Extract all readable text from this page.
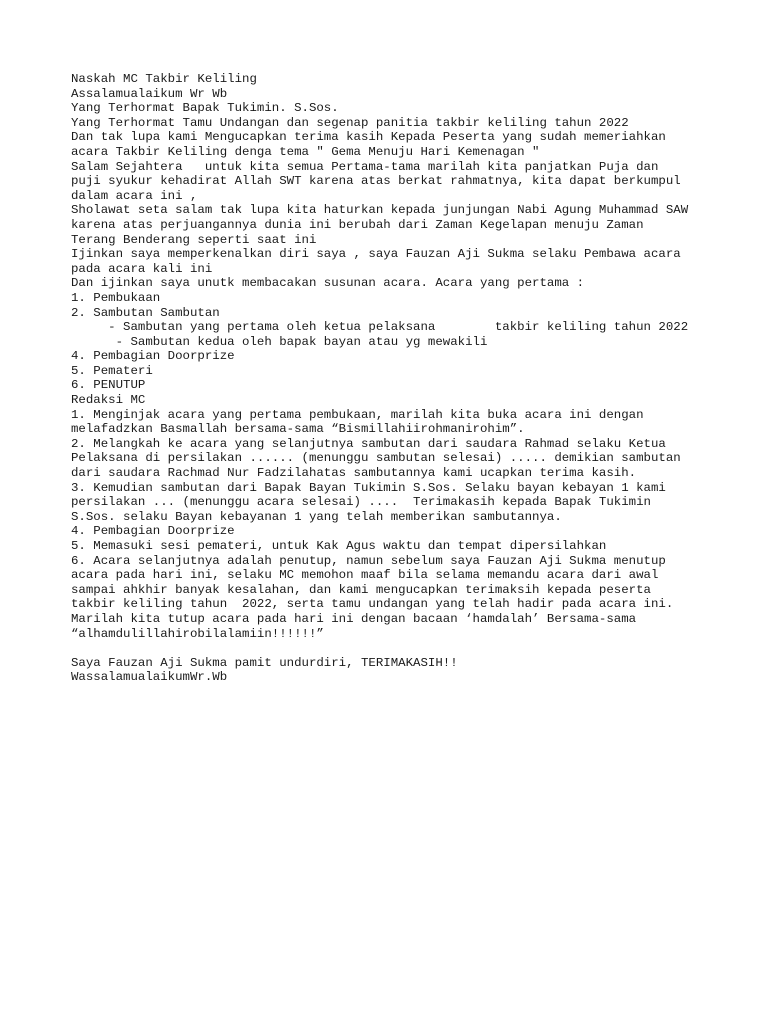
Naskah MC Takbir Keliling
Assalamualaikum Wr Wb
Yang Terhormat Bapak Tukimin. S.Sos.
Yang Terhormat Tamu Undangan dan segenap panitia takbir keliling tahun 2022
Dan tak lupa kami Mengucapkan terima kasih Kepada Peserta yang sudah memeriahkan
acara Takbir Keliling denga tema " Gema Menuju Hari Kemenagan "
Salam Sejahtera   untuk kita semua Pertama-tama marilah kita panjatkan Puja dan
puji syukur kehadirat Allah SWT karena atas berkat rahmatnya, kita dapat berkumpul
dalam acara ini ,
Sholawat seta salam tak lupa kita haturkan kepada junjungan Nabi Agung Muhammad SAW
karena atas perjuangannya dunia ini berubah dari Zaman Kegelapan menuju Zaman
Terang Benderang seperti saat ini
Ijinkan saya memperkenalkan diri saya , saya Fauzan Aji Sukma selaku Pembawa acara
pada acara kali ini
Dan ijinkan saya unutk membacakan susunan acara. Acara yang pertama :
1. Pembukaan
2. Sambutan Sambutan
- Sambutan yang pertama oleh ketua pelaksana        takbir keliling tahun 2022
- Sambutan kedua oleh bapak bayan atau yg mewakili
4. Pembagian Doorprize
5. Pemateri
6. PENUTUP
Redaksi MC
1. Menginjak acara yang pertama pembukaan, marilah kita buka acara ini dengan
melafadzkan Basmallah bersama-sama “Bismillahiirohmanirohim”.
2. Melangkah ke acara yang selanjutnya sambutan dari saudara Rahmad selaku Ketua
Pelaksana di persilakan ...... (menunggu sambutan selesai) ..... demikian sambutan
dari saudara Rachmad Nur Fadzilahatas sambutannya kami ucapkan terima kasih.
3. Kemudian sambutan dari Bapak Bayan Tukimin S.Sos. Selaku bayan kebayan 1 kami
persilakan ... (menunggu acara selesai) ....  Terimakasih kepada Bapak Tukimin
S.Sos. selaku Bayan kebayanan 1 yang telah memberikan sambutannya.
4. Pembagian Doorprize
5. Memasuki sesi pemateri, untuk Kak Agus waktu dan tempat dipersilahkan
6. Acara selanjutnya adalah penutup, namun sebelum saya Fauzan Aji Sukma menutup
acara pada hari ini, selaku MC memohon maaf bila selama memandu acara dari awal
sampai ahkhir banyak kesalahan, dan kami mengucapkan terimaksih kepada peserta
takbir keliling tahun  2022, serta tamu undangan yang telah hadir pada acara ini.
Marilah kita tutup acara pada hari ini dengan bacaan ‘hamdalah’ Bersama-sama
“alhamdulillahirobilalamiin!!!!!!”
Saya Fauzan Aji Sukma pamit undurdiri, TERIMAKASIH!!
WassalamualaikumWr.Wb
